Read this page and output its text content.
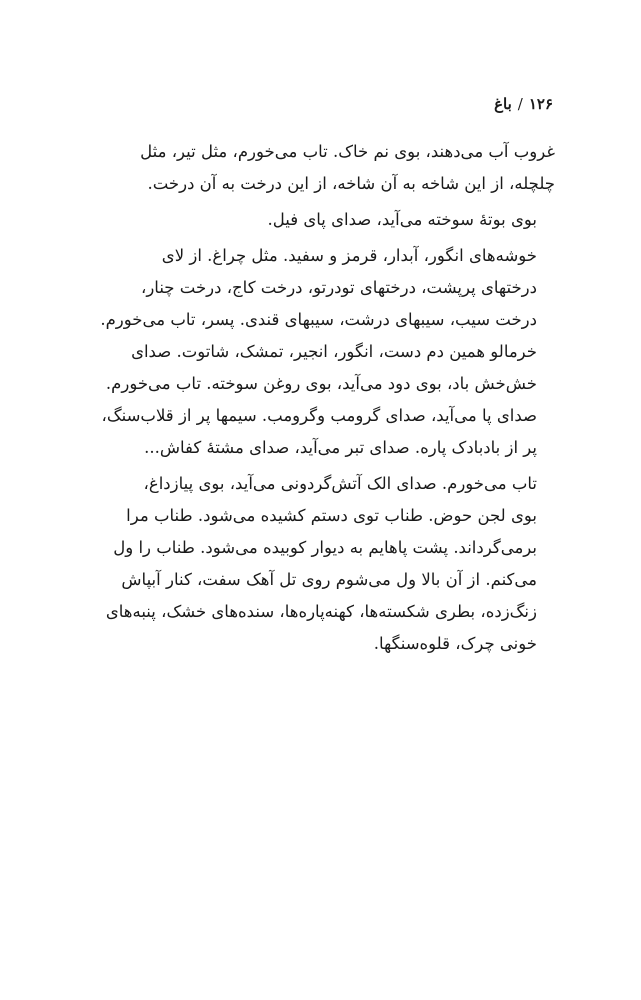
۱۲۶/باغ

غروب آب می‌دهند، بوی نم خاک. تاب می‌خورم، مثل تیر، مثل
چلچله، از این شاخه به آن شاخه، از این درخت به آن درخت.

بوی بوتهٔ سوخته می‌آید، صدای پای فیل.

خوشه‌های انگور، آبدار، قرمز و سفید. مثل چراغ. از لای
درختهای پرپشت، درختهای تودرتو، درخت کاج، درخت چنار،
درخت سیب، سیبهای درشت، سیبهای قندی. پسر، تاب می‌خورم.
خرمالو همین دم دست، انگور، انجیر، تمشک، شاتوت. صدای
خش‌خش باد، بوی دود می‌آید، بوی روغن سوخته. تاب می‌خورم.
صدای پا می‌آید، صدای گرومب وگرومب. سیمها پر از قلاب‌سنگ،
پر از بادبادک پاره. صدای تبر می‌آید، صدای مشتهٔ کفاش...

تاب می‌خورم. صدای الک آتش‌گردونی می‌آید، بوی پیازداغ،
بوی لجن حوض. طناب توی دستم کشیده می‌شود. طناب مرا
برمی‌گرداند. پشت پاهایم به دیوار کوبیده می‌شود. طناب را ول
می‌کنم. از آن بالا ول می‌شوم روی تل آهک سفت، کنار آبپاش
زنگ‌زده، بطری شکسته‌ها، کهنه‌پاره‌ها، سنده‌های خشک، پنبه‌های
خونی چرک، قلوه‌سنگها.
